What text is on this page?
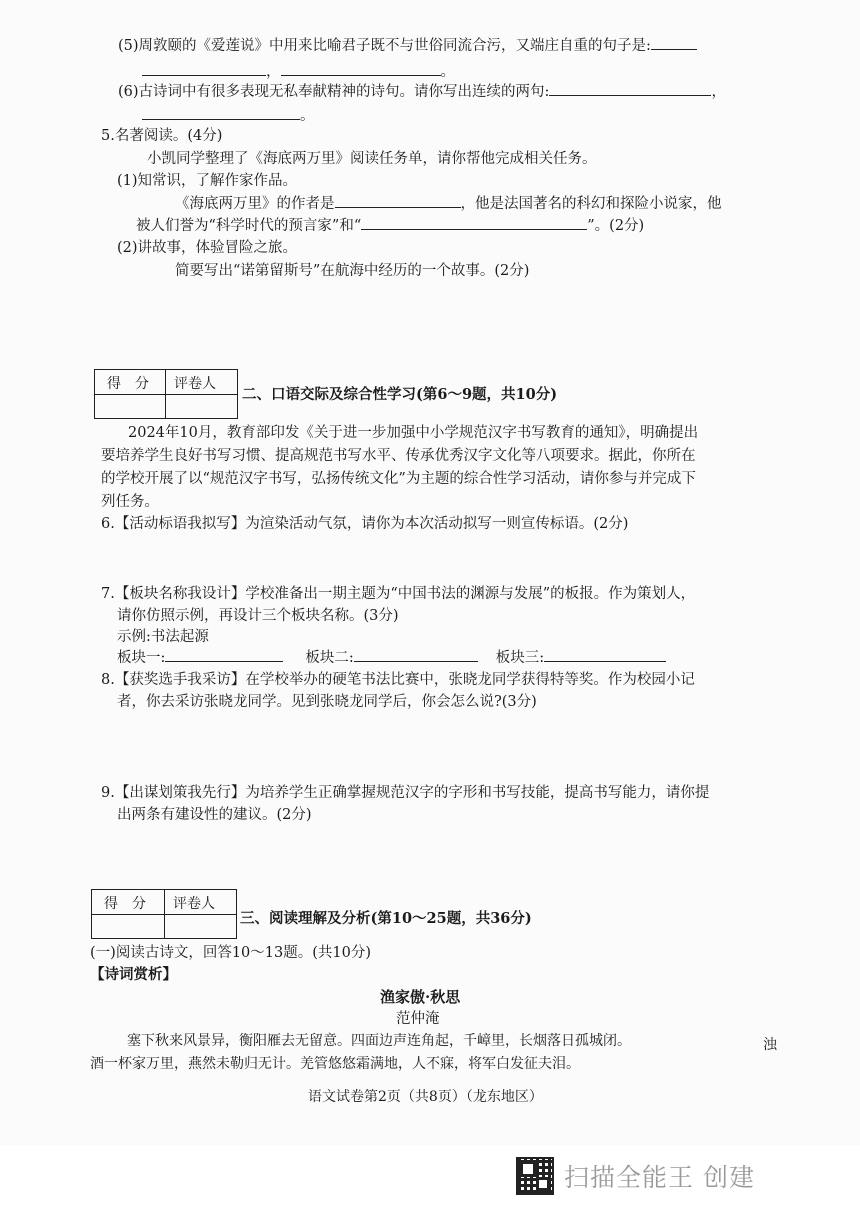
(5)周敦颐的《爱莲说》中用来比喻君子既不与世俗同流合污，又端庄自重的句子是:
，	。
(6)古诗词中有很多表现无私奉献精神的诗句。请你写出连续的两句:	，
。
5.名著阅读。(4分)
小凯同学整理了《海底两万里》阅读任务单，请你帮他完成相关任务。
(1)知常识，了解作家作品。
《海底两万里》的作者是	，他是法国著名的科幻和探险小说家，他
被人们誉为“科学时代的预言家”和“	”。(2分)
(2)讲故事，体验冒险之旅。
简要写出“诺第留斯号”在航海中经历的一个故事。(2分)
得　分 评卷人
二、口语交际及综合性学习(第6～9题，共10分)
2024年10月，教育部印发《关于进一步加强中小学规范汉字书写教育的通知》，明确提出
要培养学生良好书写习惯、提高规范书写水平、传承优秀汉字文化等八项要求。据此，你所在
的学校开展了以“规范汉字书写，弘扬传统文化”为主题的综合性学习活动，请你参与并完成下
列任务。
6.【活动标语我拟写】为渲染活动气氛，请你为本次活动拟写一则宣传标语。(2分)
7.【板块名称我设计】学校准备出一期主题为“中国书法的渊源与发展”的板报。作为策划人，
请你仿照示例，再设计三个板块名称。(3分)
示例:书法起源
板块一:	板块二:	板块三:
8.【获奖选手我采访】在学校举办的硬笔书法比赛中，张晓龙同学获得特等奖。作为校园小记
者，你去采访张晓龙同学。见到张晓龙同学后，你会怎么说?(3分)
9.【出谋划策我先行】为培养学生正确掌握规范汉字的字形和书写技能，提高书写能力，请你提
出两条有建设性的建议。(2分)
得　分 评卷人
三、阅读理解及分析(第10～25题，共36分)
(一)阅读古诗文，回答10～13题。(共10分)
【诗词赏析】
渔家傲·秋思
范仲淹
塞下秋来风景异，衡阳雁去无留意。四面边声连角起，千嶂里，长烟落日孤城闭。	浊
酒一杯家万里，燕然未勒归无计。羌管悠悠霜满地，人不寐，将军白发征夫泪。
语文试卷第2页（共8页）（龙东地区）
扫描全能王 创建
